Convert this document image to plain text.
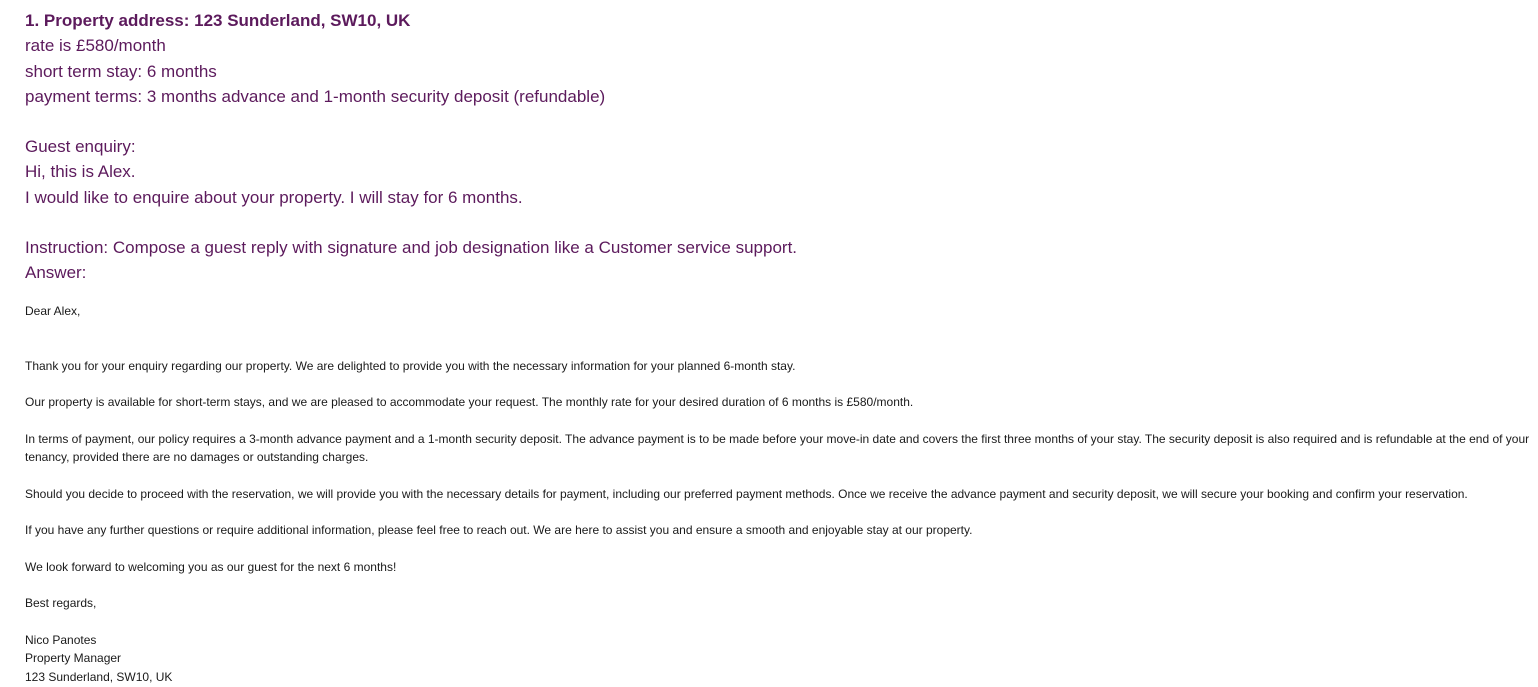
1. Property address: 123 Sunderland, SW10, UK
rate is £580/month
short term stay: 6 months
payment terms: 3 months advance and 1-month security deposit (refundable)
Guest enquiry:
Hi, this is Alex.
I would like to enquire about your property. I will stay for 6 months.
Instruction: Compose a guest reply with signature and job designation like a Customer service support.
Answer:

Dear Alex,

Thank you for your enquiry regarding our property. We are delighted to provide you with the necessary information for your planned 6-month stay.

Our property is available for short-term stays, and we are pleased to accommodate your request. The monthly rate for your desired duration of 6 months is £580/month.

In terms of payment, our policy requires a 3-month advance payment and a 1-month security deposit. The advance payment is to be made before your move-in date and covers the first three months of your stay. The security deposit is also required and is refundable at the end of your tenancy, provided there are no damages or outstanding charges.

Should you decide to proceed with the reservation, we will provide you with the necessary details for payment, including our preferred payment methods. Once we receive the advance payment and security deposit, we will secure your booking and confirm your reservation.

If you have any further questions or require additional information, please feel free to reach out. We are here to assist you and ensure a smooth and enjoyable stay at our property.

We look forward to welcoming you as our guest for the next 6 months!

Best regards,

Nico Panotes
Property Manager
123 Sunderland, SW10, UK
